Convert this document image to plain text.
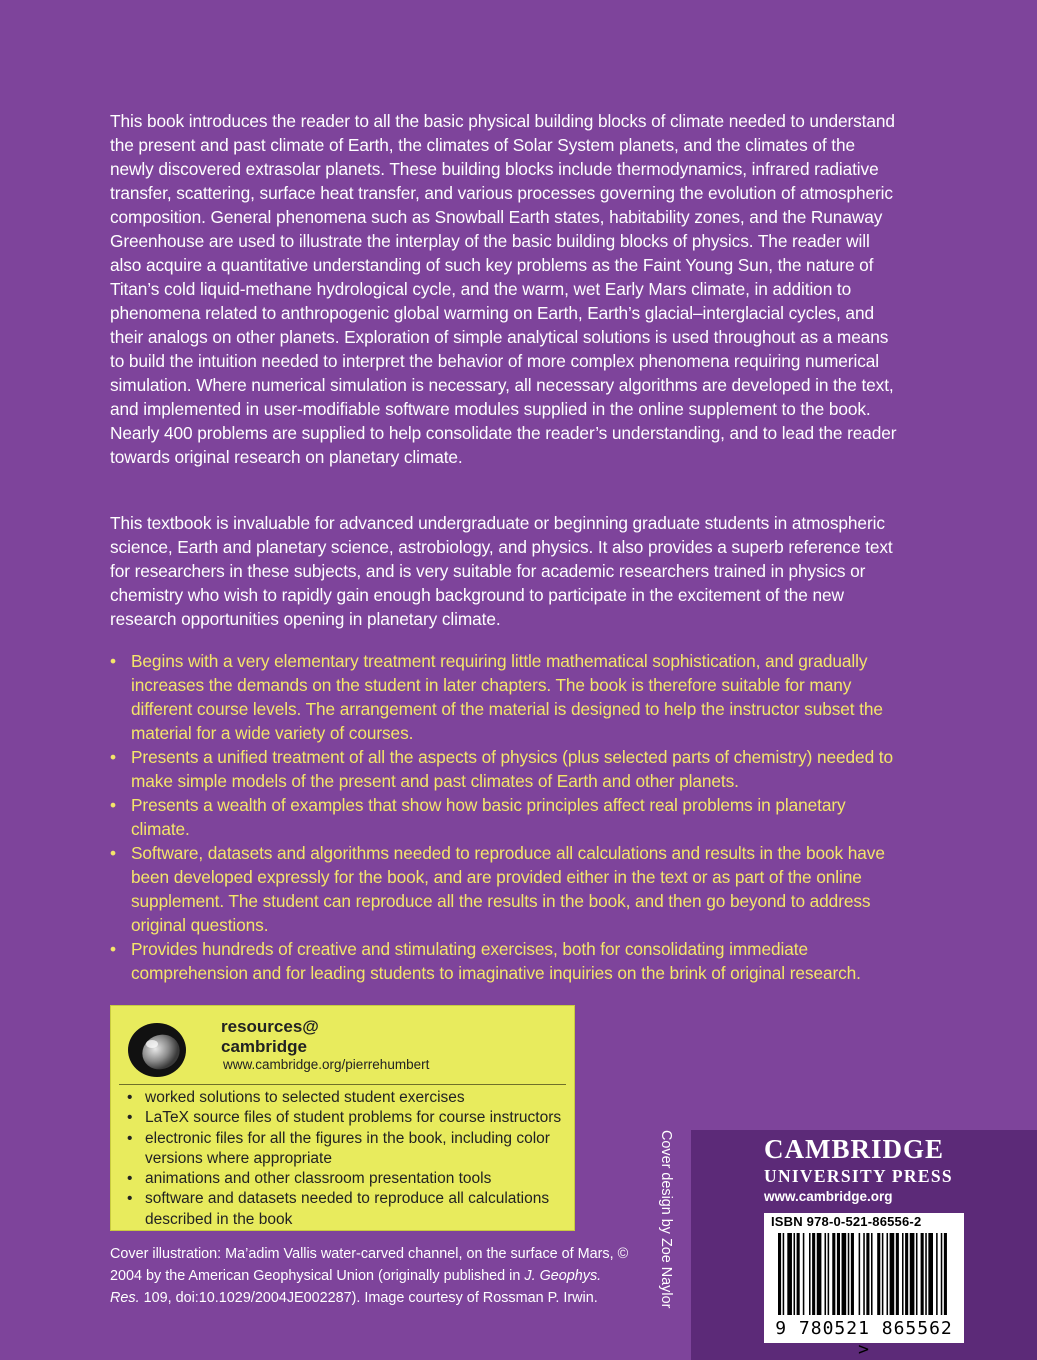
This book introduces the reader to all the basic physical building blocks of climate needed to understand the present and past climate of Earth, the climates of Solar System planets, and the climates of the newly discovered extrasolar planets. These building blocks include thermodynamics, infrared radiative transfer, scattering, surface heat transfer, and various processes governing the evolution of atmospheric composition. General phenomena such as Snowball Earth states, habitability zones, and the Runaway Greenhouse are used to illustrate the interplay of the basic building blocks of physics. The reader will also acquire a quantitative understanding of such key problems as the Faint Young Sun, the nature of Titan’s cold liquid-methane hydrological cycle, and the warm, wet Early Mars climate, in addition to phenomena related to anthropogenic global warming on Earth, Earth’s glacial–interglacial cycles, and their analogs on other planets. Exploration of simple analytical solutions is used throughout as a means to build the intuition needed to interpret the behavior of more complex phenomena requiring numerical simulation. Where numerical simulation is necessary, all necessary algorithms are developed in the text, and implemented in user-modifiable software modules supplied in the online supplement to the book. Nearly 400 problems are supplied to help consolidate the reader’s understanding, and to lead the reader towards original research on planetary climate.
This textbook is invaluable for advanced undergraduate or beginning graduate students in atmospheric science, Earth and planetary science, astrobiology, and physics. It also provides a superb reference text for researchers in these subjects, and is very suitable for academic researchers trained in physics or chemistry who wish to rapidly gain enough background to participate in the excitement of the new research opportunities opening in planetary climate.
• Begins with a very elementary treatment requiring little mathematical sophistication, and gradually increases the demands on the student in later chapters. The book is therefore suitable for many different course levels. The arrangement of the material is designed to help the instructor subset the material for a wide variety of courses.
• Presents a unified treatment of all the aspects of physics (plus selected parts of chemistry) needed to make simple models of the present and past climates of Earth and other planets.
• Presents a wealth of examples that show how basic principles affect real problems in planetary climate.
• Software, datasets and algorithms needed to reproduce all calculations and results in the book have been developed expressly for the book, and are provided either in the text or as part of the online supplement. The student can reproduce all the results in the book, and then go beyond to address original questions.
• Provides hundreds of creative and stimulating exercises, both for consolidating immediate comprehension and for leading students to imaginative inquiries on the brink of original research.
resources@
cambridge
www.cambridge.org/pierrehumbert
• worked solutions to selected student exercises
• LaTeX source files of student problems for course instructors
• electronic files for all the figures in the book, including color versions where appropriate
• animations and other classroom presentation tools
• software and datasets needed to reproduce all calculations described in the book
Cover illustration: Ma’adim Vallis water-carved channel, on the surface of Mars, © 2004 by the American Geophysical Union (originally published in J. Geophys. Res. 109, doi:10.1029/2004JE002287). Image courtesy of Rossman P. Irwin.	Cover design by Zoe Naylor	CAMBRIDGE
UNIVERSITY PRESS
www.cambridge.org
ISBN 978-0-521-86556-2
9 780521 865562 >
